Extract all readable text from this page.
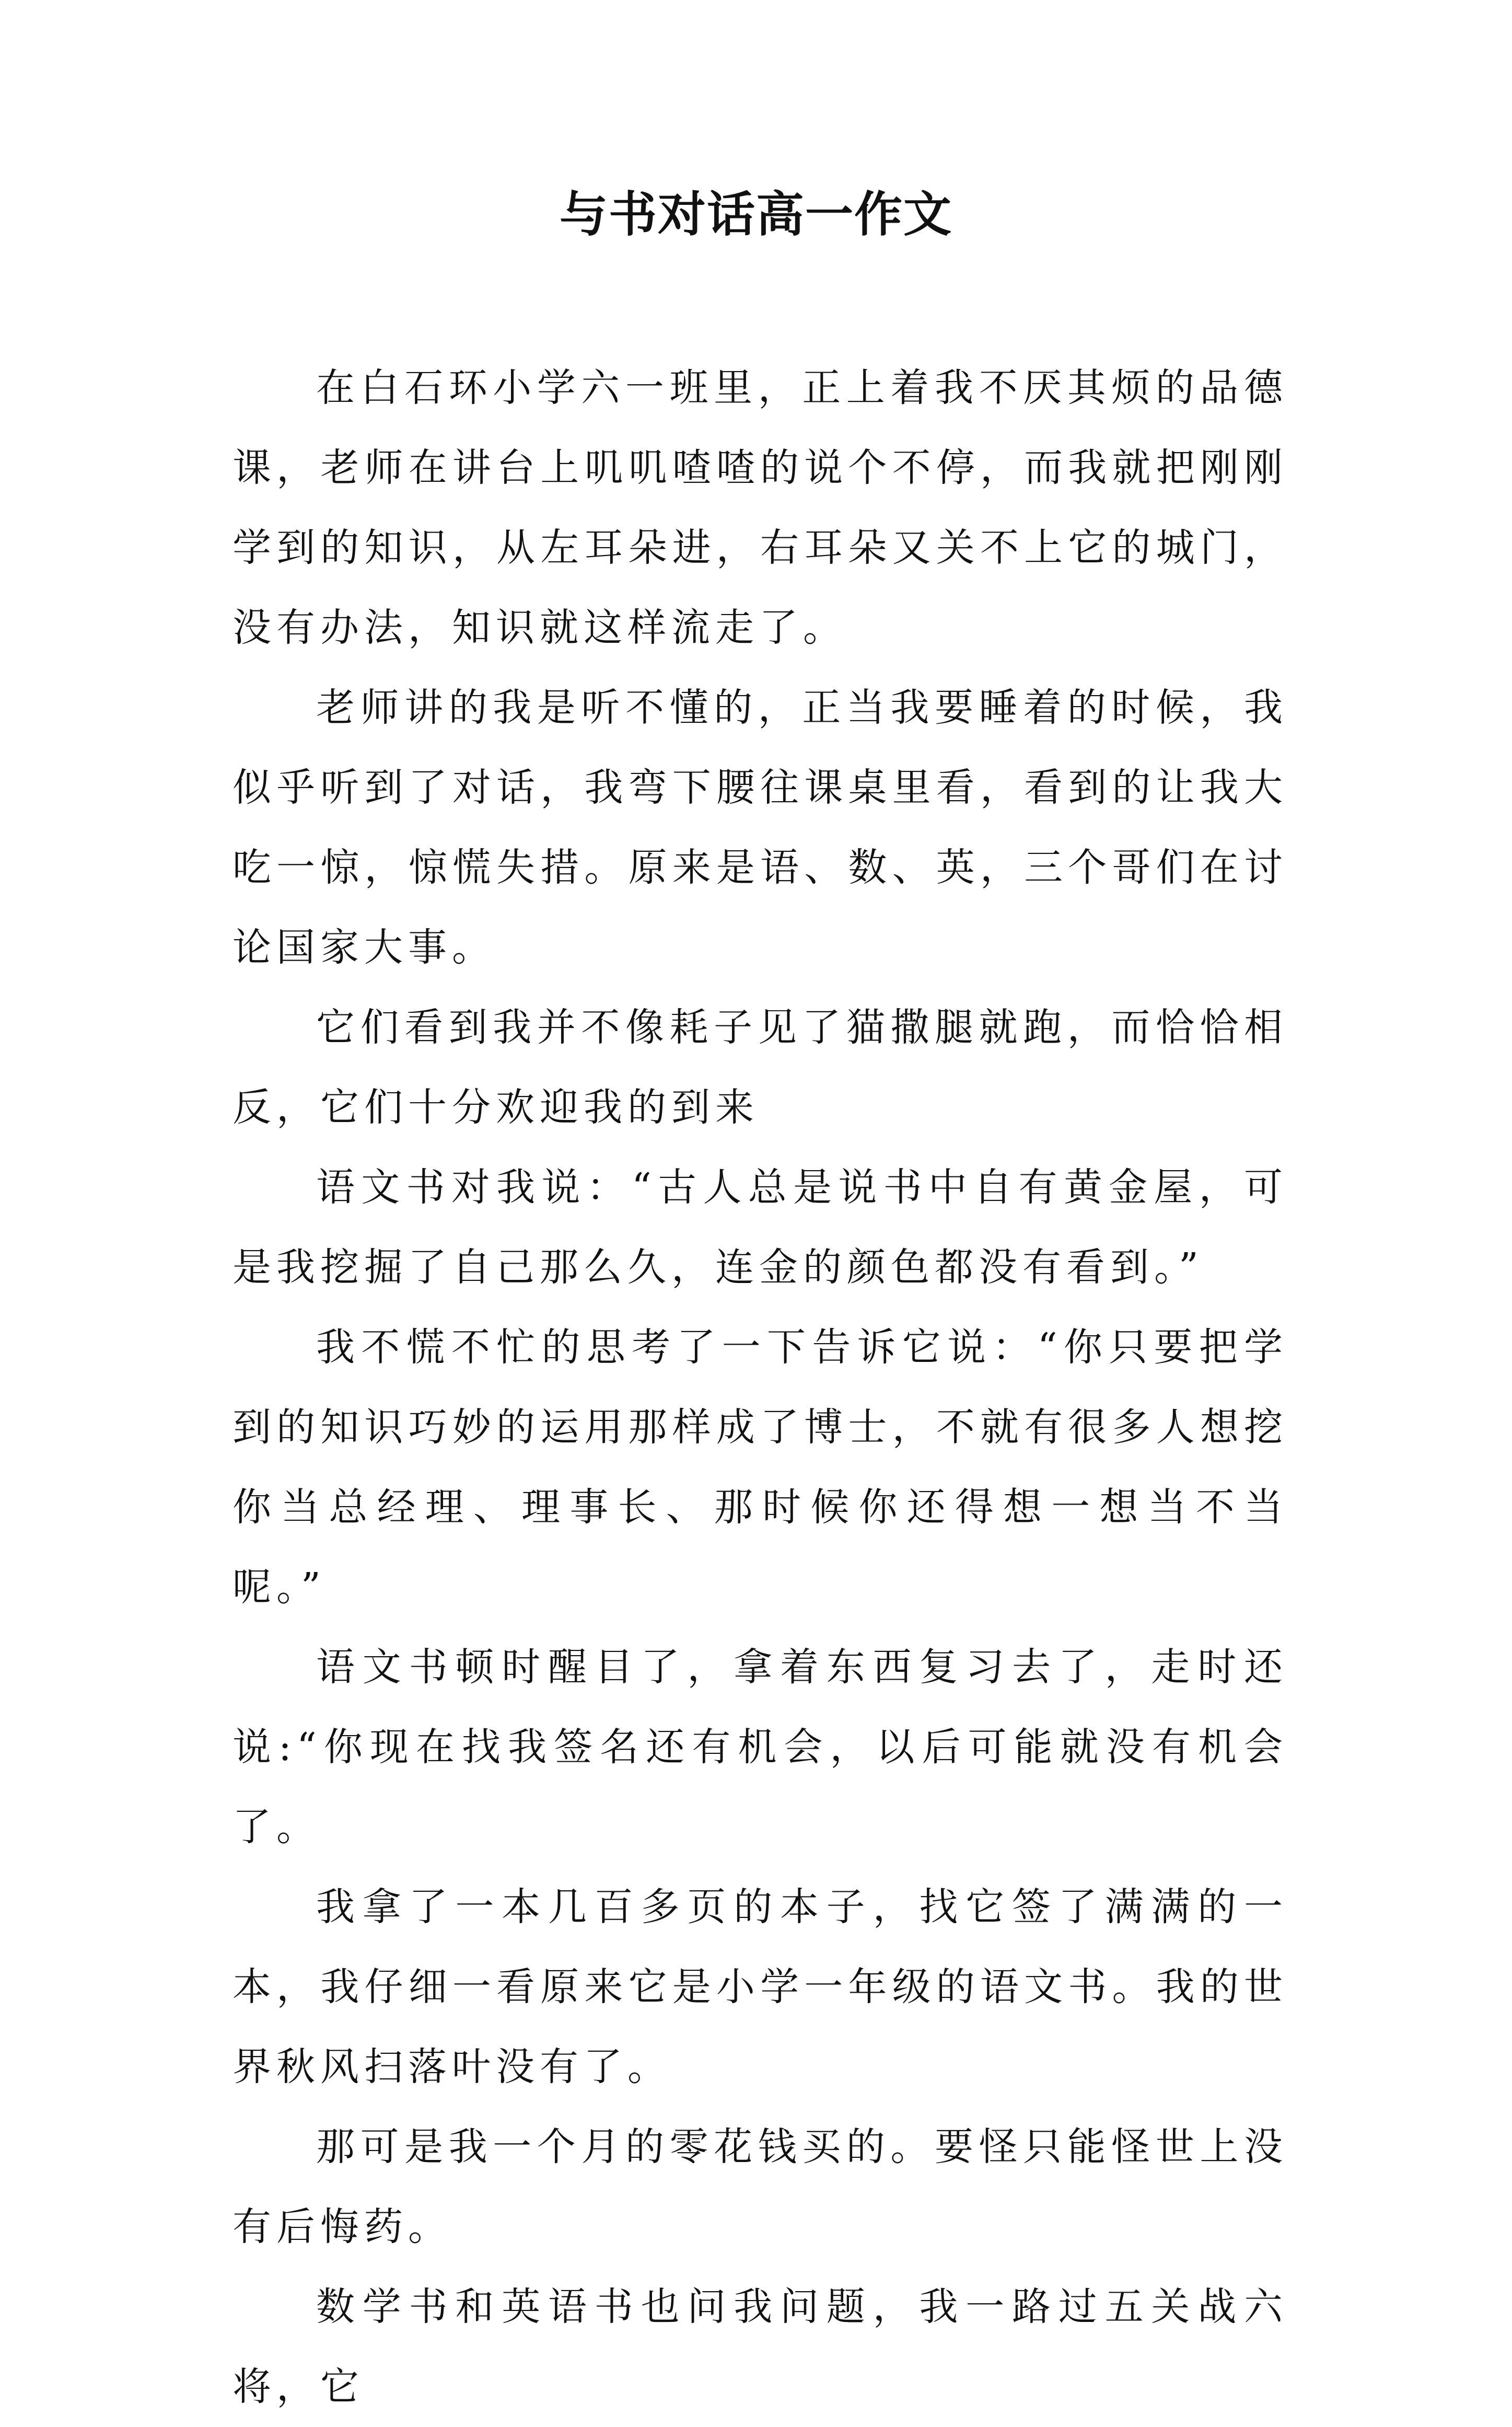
与书对话高一作文

在白石环小学六一班里，正上着我不厌其烦的品德课，老师在讲台上叽叽喳喳的说个不停，而我就把刚刚学到的知识，从左耳朵进，右耳朵又关不上它的城门，没有办法，知识就这样流走了。

老师讲的我是听不懂的，正当我要睡着的时候，我似乎听到了对话，我弯下腰往课桌里看，看到的让我大吃一惊，惊慌失措。原来是语、数、英，三个哥们在讨论国家大事。

它们看到我并不像耗子见了猫撒腿就跑，而恰恰相反，它们十分欢迎我的到来

语文书对我说：“古人总是说书中自有黄金屋，可是我挖掘了自己那么久，连金的颜色都没有看到。”

我不慌不忙的思考了一下告诉它说：“你只要把学到的知识巧妙的运用那样成了博士，不就有很多人想挖你当总经理、理事长、那时候你还得想一想当不当呢。”

语文书顿时醒目了，拿着东西复习去了，走时还说:“你现在找我签名还有机会，以后可能就没有机会了。

我拿了一本几百多页的本子，找它签了满满的一本，我仔细一看原来它是小学一年级的语文书。我的世界秋风扫落叶没有了。

那可是我一个月的零花钱买的。要怪只能怪世上没有后悔药。

数学书和英语书也问我问题，我一路过五关战六将，它
